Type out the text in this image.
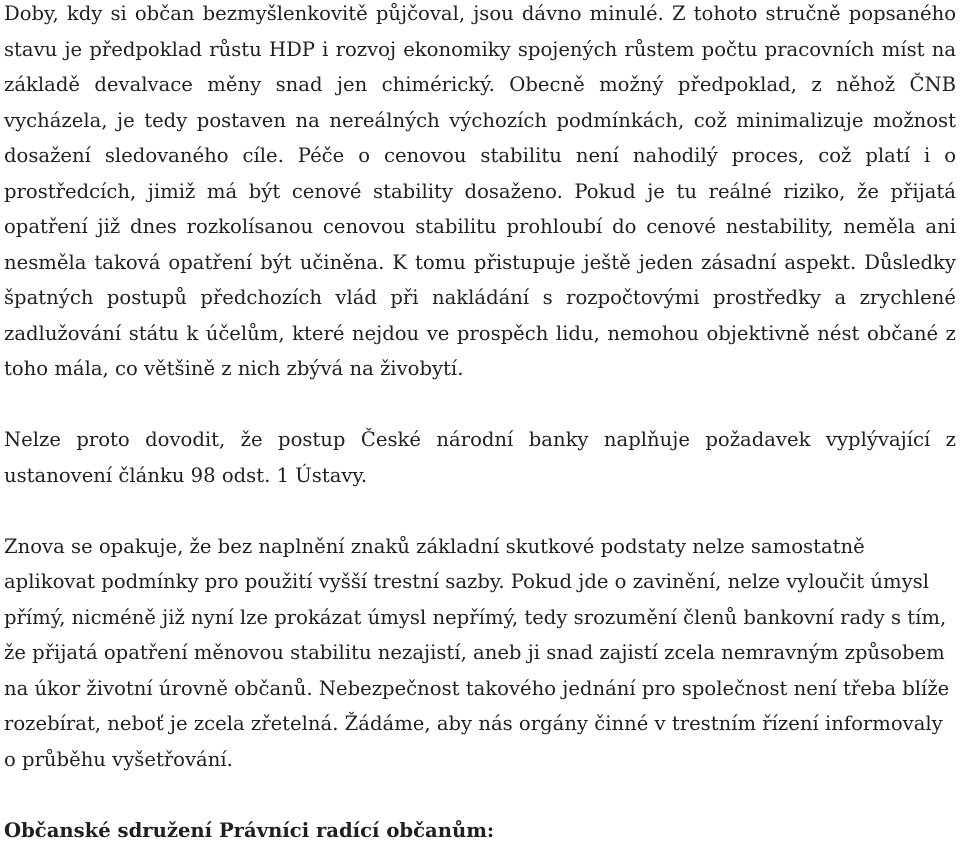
Doby, kdy si občan bezmyšlenkovitě půjčoval, jsou dávno minulé. Z tohoto stručně popsaného stavu je předpoklad růstu HDP i rozvoj ekonomiky spojených růstem počtu pracovních míst na základě devalvace měny snad jen chimérický. Obecně možný předpoklad, z něhož ČNB vycházela, je tedy postaven na nereálných výchozích podmínkách, což minimalizuje možnost dosažení sledovaného cíle. Péče o cenovou stabilitu není nahodilý proces, což platí i o prostředcích, jimiž má být cenové stability dosaženo. Pokud je tu reálné riziko, že přijatá opatření již dnes rozkolísanou cenovou stabilitu prohloubí do cenové nestability, neměla ani nesměla taková opatření být učiněna. K tomu přistupuje ještě jeden zásadní aspekt. Důsledky špatných postupů předchozích vlád při nakládání s rozpočtovými prostředky a zrychlené zadlužování státu k účelům, které nejdou ve prospěch lidu, nemohou objektivně nést občané z toho mála, co většině z nich zbývá na živobytí.

Nelze proto dovodit, že postup České národní banky naplňuje požadavek vyplývající z ustanovení článku 98 odst. 1 Ústavy.

Znova se opakuje, že bez naplnění znaků základní skutkové podstaty nelze samostatně aplikovat podmínky pro použití vyšší trestní sazby. Pokud jde o zavinění, nelze vyloučit úmysl přímý, nicméně již nyní lze prokázat úmysl nepřímý, tedy srozumění členů bankovní rady s tím, že přijatá opatření měnovou stabilitu nezajistí, aneb ji snad zajistí zcela nemravným způsobem na úkor životní úrovně občanů. Nebezpečnost takového jednání pro společnost není třeba blíže rozebírat, neboť je zcela zřetelná. Žádáme, aby nás orgány činné v trestním řízení informovaly o průběhu vyšetřování.

Občanské sdružení Právníci radící občanům:
